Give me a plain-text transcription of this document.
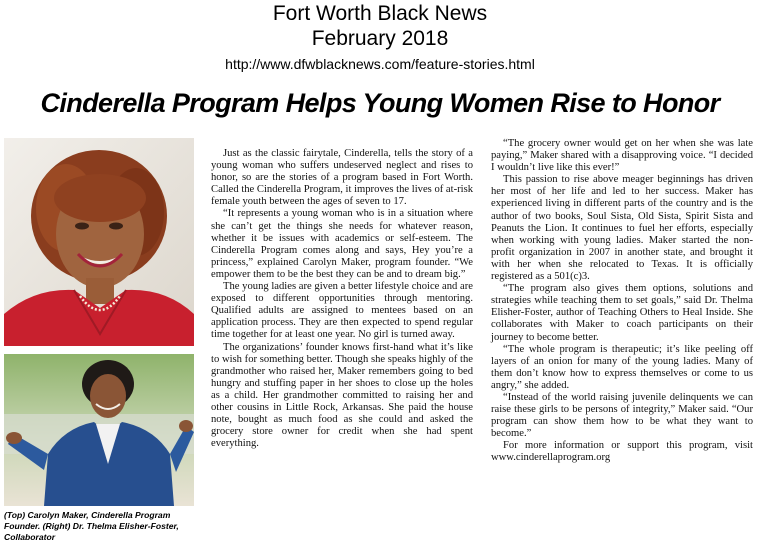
Fort Worth Black News
February 2018
http://www.dfwblacknews.com/feature-stories.html
Cinderella Program Helps Young Women Rise to Honor
(Top) Carolyn Maker, Cinderella Program Founder. (Right) Dr. Thelma Elisher-Foster, Collaborator

Just as the classic fairytale, Cinderella, tells the story of a young woman who suffers undeserved neglect and rises to honor, so are the stories of a program based in Fort Worth. Called the Cinderella Program, it improves the lives of at-risk female youth between the ages of seven to 17.

“It represents a young woman who is in a situation where she can’t get the things she needs for whatever reason, whether it be issues with academics or self-esteem. The Cinderella Program comes along and says, Hey you’re a princess,” explained Carolyn Maker, program founder. “We empower them to be the best they can be and to dream big.”

The young ladies are given a better lifestyle choice and are exposed to different opportunities through mentoring. Qualified adults are assigned to mentees based on an application process. They are then expected to spend regular time together for at least one year. No girl is turned away.

The organizations’ founder knows first-hand what it’s like to wish for something better. Though she speaks highly of the grandmother who raised her, Maker remembers going to bed hungry and stuffing paper in her shoes to close up the holes as a child. Her grandmother committed to raising her and other cousins in Little Rock, Arkansas. She paid the house note, bought as much food as she could and asked the grocery store owner for credit when she had spent everything.

“The grocery owner would get on her when she was late paying,” Maker shared with a disapproving voice. “I decided I wouldn’t live like this ever!”

This passion to rise above meager beginnings has driven her most of her life and led to her success. Maker has experienced living in different parts of the country and is the author of two books, Soul Sista, Old Sista, Spirit Sista and Peanuts the Lion. It continues to fuel her efforts, especially when working with young ladies. Maker started the non-profit organization in 2007 in another state, and brought it with her when she relocated to Texas. It is officially registered as a 501(c)3.

“The program also gives them options, solutions and strategies while teaching them to set goals,” said Dr. Thelma Elisher-Foster, author of Teaching Others to Heal Inside. She collaborates with Maker to coach participants on their journey to become better.

“The whole program is therapeutic; it’s like peeling off layers of an onion for many of the young ladies. Many of them don’t know how to express themselves or come to us angry,” she added.

“Instead of the world raising juvenile delinquents we can raise these girls to be persons of integrity,” Maker said. “Our program can show them how to be what they want to become.”

For more information or support this program, visit www.cinderellaprogram.org
